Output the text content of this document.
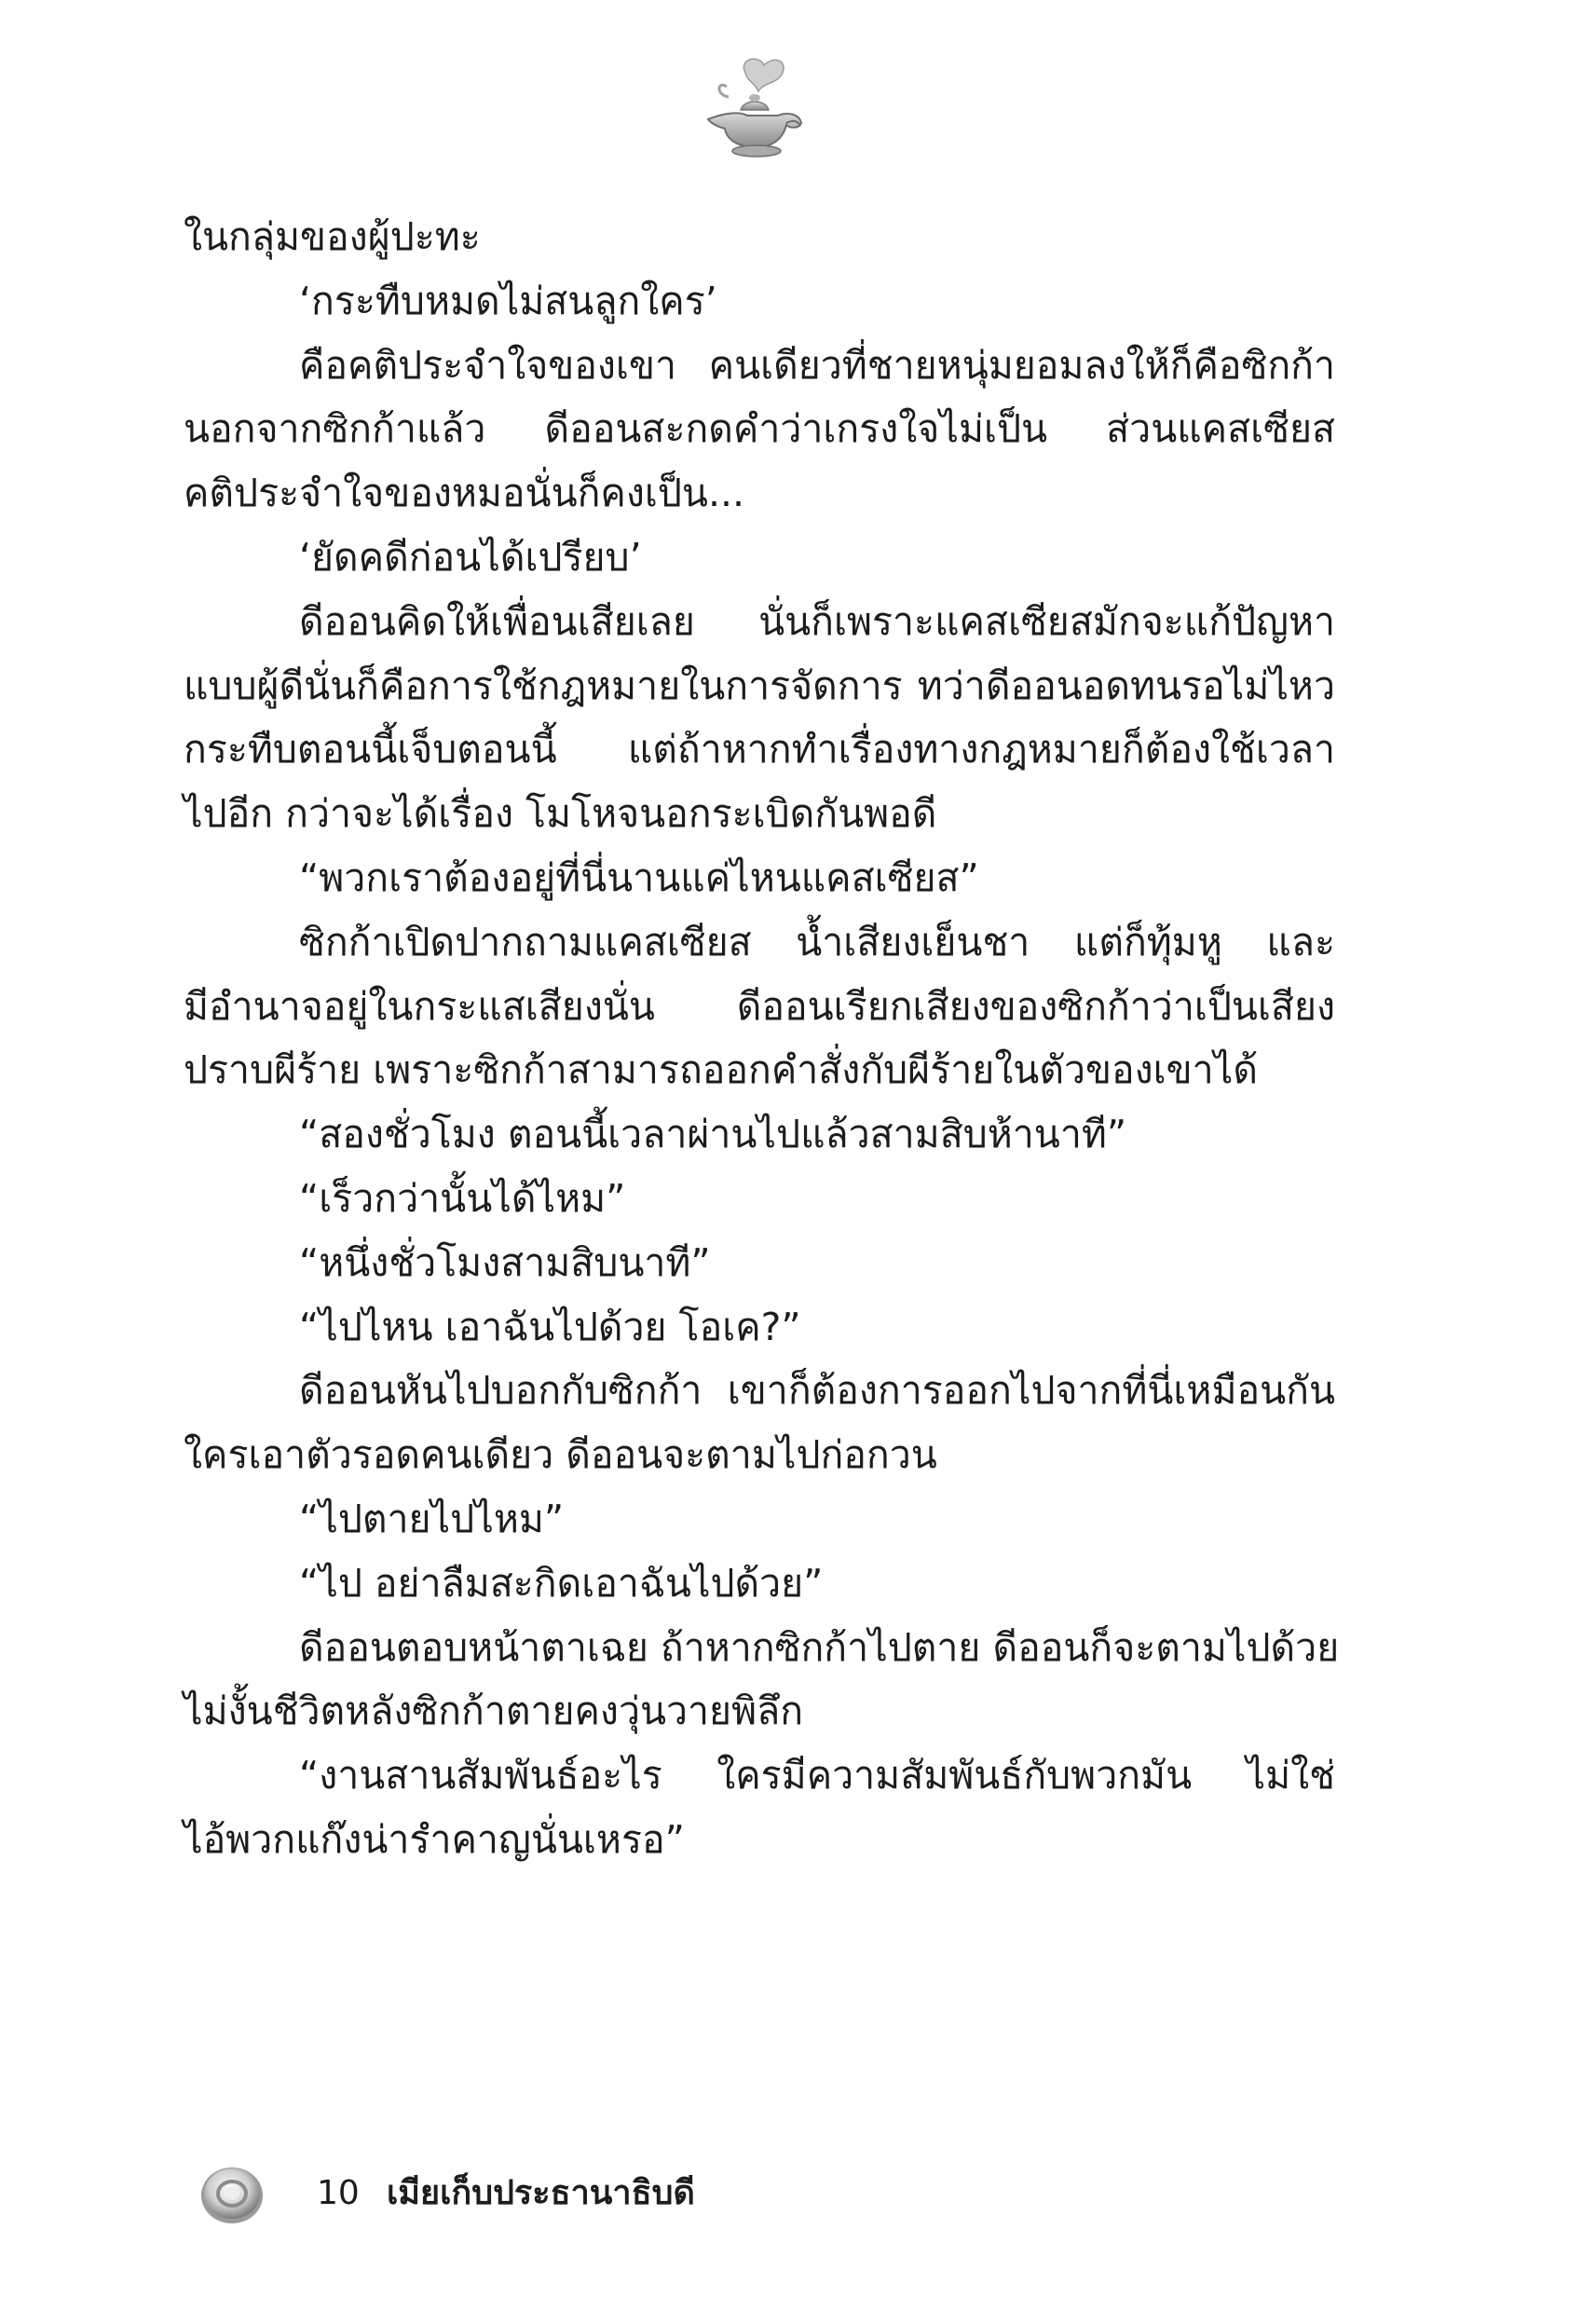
ในกลุ่มของผู้ปะทะ
‘กระทืบหมดไม่สนลูกใคร’
คือคติประจำใจของเขา คนเดียวที่ชายหนุ่มยอมลงให้ก็คือซิกก้า
นอกจากซิกก้าแล้ว ดีออนสะกดคำว่าเกรงใจไม่เป็น ส่วนแคสเซียส
คติประจำใจของหมอนั่นก็คงเป็น...
‘ยัดคดีก่อนได้เปรียบ’
ดีออนคิดให้เพื่อนเสียเลย นั่นก็เพราะแคสเซียสมักจะแก้ปัญหา
แบบผู้ดีนั่นก็คือการใช้กฎหมายในการจัดการ ทว่าดีออนอดทนรอไม่ไหว
กระทืบตอนนี้เจ็บตอนนี้ แต่ถ้าหากทำเรื่องทางกฎหมายก็ต้องใช้เวลา
ไปอีก กว่าจะได้เรื่อง โมโหจนอกระเบิดกันพอดี
“พวกเราต้องอยู่ที่นี่นานแค่ไหนแคสเซียส”
ซิกก้าเปิดปากถามแคสเซียส น้ำเสียงเย็นชา แต่ก็ทุ้มหู และ
มีอำนาจอยู่ในกระแสเสียงนั่น ดีออนเรียกเสียงของซิกก้าว่าเป็นเสียง
ปราบผีร้าย เพราะซิกก้าสามารถออกคำสั่งกับผีร้ายในตัวของเขาได้
“สองชั่วโมง ตอนนี้เวลาผ่านไปแล้วสามสิบห้านาที”
“เร็วกว่านั้นได้ไหม”
“หนึ่งชั่วโมงสามสิบนาที”
“ไปไหน เอาฉันไปด้วย โอเค?”
ดีออนหันไปบอกกับซิกก้า เขาก็ต้องการออกไปจากที่นี่เหมือนกัน
ใครเอาตัวรอดคนเดียว ดีออนจะตามไปก่อกวน
“ไปตายไปไหม”
“ไป อย่าลืมสะกิดเอาฉันไปด้วย”
ดีออนตอบหน้าตาเฉย ถ้าหากซิกก้าไปตาย ดีออนก็จะตามไปด้วย
ไม่งั้นชีวิตหลังซิกก้าตายคงวุ่นวายพิลึก
“งานสานสัมพันธ์อะไร ใครมีความสัมพันธ์กับพวกมัน ไม่ใช่
ไอ้พวกแก๊งน่ารำคาญนั่นเหรอ”
10 เมียเก็บประธานาธิบดี
